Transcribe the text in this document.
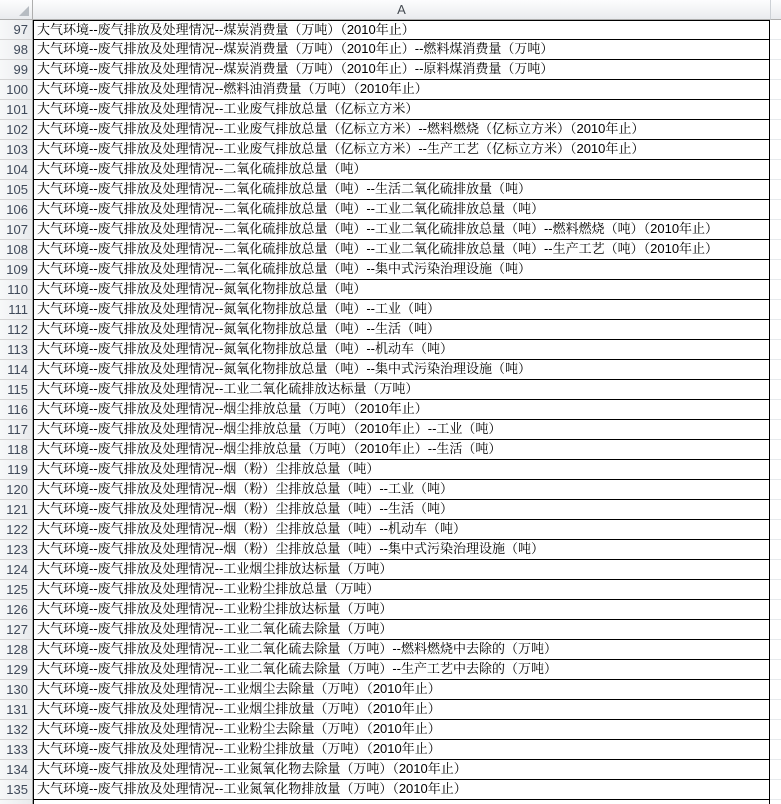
A
97 大气环境--废气排放及处理情况--煤炭消费量（万吨）（2010年止）
98 大气环境--废气排放及处理情况--煤炭消费量（万吨）（2010年止）--燃料煤消费量（万吨）
99 大气环境--废气排放及处理情况--煤炭消费量（万吨）（2010年止）--原料煤消费量（万吨）
100 大气环境--废气排放及处理情况--燃料油消费量（万吨）（2010年止）
101 大气环境--废气排放及处理情况--工业废气排放总量（亿标立方米）
102 大气环境--废气排放及处理情况--工业废气排放总量（亿标立方米）--燃料燃烧（亿标立方米）（2010年止）
103 大气环境--废气排放及处理情况--工业废气排放总量（亿标立方米）--生产工艺（亿标立方米）（2010年止）
104 大气环境--废气排放及处理情况--二氧化硫排放总量（吨）
105 大气环境--废气排放及处理情况--二氧化硫排放总量（吨）--生活二氧化硫排放量（吨）
106 大气环境--废气排放及处理情况--二氧化硫排放总量（吨）--工业二氧化硫排放总量（吨）
107 大气环境--废气排放及处理情况--二氧化硫排放总量（吨）--工业二氧化硫排放总量（吨）--燃料燃烧（吨）（2010年止）
108 大气环境--废气排放及处理情况--二氧化硫排放总量（吨）--工业二氧化硫排放总量（吨）--生产工艺（吨）（2010年止）
109 大气环境--废气排放及处理情况--二氧化硫排放总量（吨）--集中式污染治理设施（吨）
110 大气环境--废气排放及处理情况--氮氧化物排放总量（吨）
111 大气环境--废气排放及处理情况--氮氧化物排放总量（吨）--工业（吨）
112 大气环境--废气排放及处理情况--氮氧化物排放总量（吨）--生活（吨）
113 大气环境--废气排放及处理情况--氮氧化物排放总量（吨）--机动车（吨）
114 大气环境--废气排放及处理情况--氮氧化物排放总量（吨）--集中式污染治理设施（吨）
115 大气环境--废气排放及处理情况--工业二氧化硫排放达标量（万吨）
116 大气环境--废气排放及处理情况--烟尘排放总量（万吨）（2010年止）
117 大气环境--废气排放及处理情况--烟尘排放总量（万吨）（2010年止）--工业（吨）
118 大气环境--废气排放及处理情况--烟尘排放总量（万吨）（2010年止）--生活（吨）
119 大气环境--废气排放及处理情况--烟（粉）尘排放总量（吨）
120 大气环境--废气排放及处理情况--烟（粉）尘排放总量（吨）--工业（吨）
121 大气环境--废气排放及处理情况--烟（粉）尘排放总量（吨）--生活（吨）
122 大气环境--废气排放及处理情况--烟（粉）尘排放总量（吨）--机动车（吨）
123 大气环境--废气排放及处理情况--烟（粉）尘排放总量（吨）--集中式污染治理设施（吨）
124 大气环境--废气排放及处理情况--工业烟尘排放达标量（万吨）
125 大气环境--废气排放及处理情况--工业粉尘排放总量（万吨）
126 大气环境--废气排放及处理情况--工业粉尘排放达标量（万吨）
127 大气环境--废气排放及处理情况--工业二氧化硫去除量（万吨）
128 大气环境--废气排放及处理情况--工业二氧化硫去除量（万吨）--燃料燃烧中去除的（万吨）
129 大气环境--废气排放及处理情况--工业二氧化硫去除量（万吨）--生产工艺中去除的（万吨）
130 大气环境--废气排放及处理情况--工业烟尘去除量（万吨）（2010年止）
131 大气环境--废气排放及处理情况--工业烟尘排放量（万吨）（2010年止）
132 大气环境--废气排放及处理情况--工业粉尘去除量（万吨）（2010年止）
133 大气环境--废气排放及处理情况--工业粉尘排放量（万吨）（2010年止）
134 大气环境--废气排放及处理情况--工业氮氧化物去除量（万吨）（2010年止）
135 大气环境--废气排放及处理情况--工业氮氧化物排放量（万吨）（2010年止）
